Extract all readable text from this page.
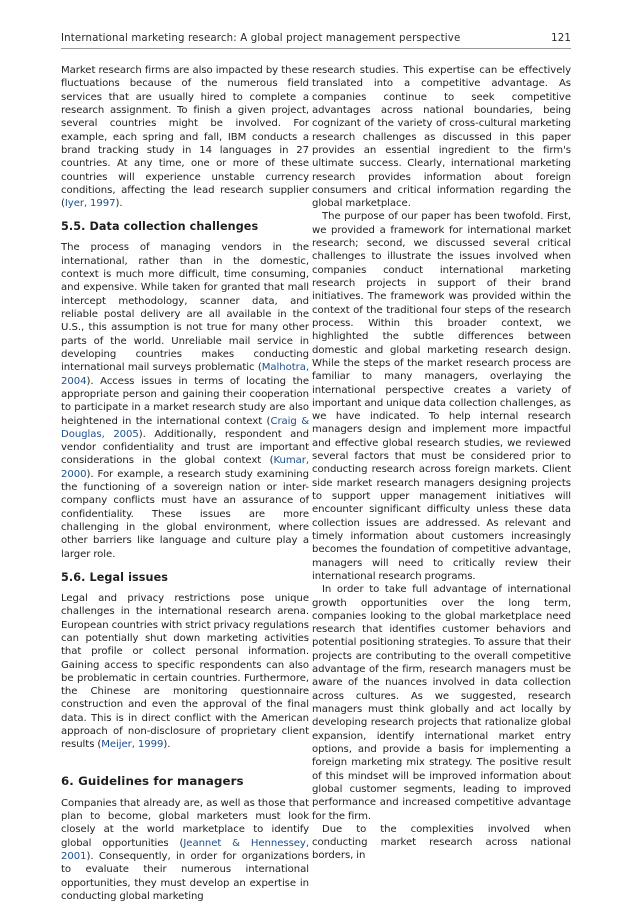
International marketing research: A global project management perspective	121

Market research firms are also impacted by these fluctuations because of the numerous field services that are usually hired to complete a research assignment. To finish a given project, several countries might be involved. For example, each spring and fall, IBM conducts a brand tracking study in 14 languages in 27 countries. At any time, one or more of these countries will experience unstable currency conditions, affecting the lead research supplier (Iyer, 1997).

5.5. Data collection challenges

The process of managing vendors in the international, rather than in the domestic, context is much more difficult, time consuming, and expensive. While taken for granted that mall intercept methodology, scanner data, and reliable postal delivery are all available in the U.S., this assumption is not true for many other parts of the world. Unreliable mail service in developing countries makes conducting international mail surveys problematic (Malhotra, 2004). Access issues in terms of locating the appropriate person and gaining their cooperation to participate in a market research study are also heightened in the international context (Craig & Douglas, 2005). Additionally, respondent and vendor confidentiality and trust are important considerations in the global context (Kumar, 2000). For example, a research study examining the functioning of a sovereign nation or inter-company conflicts must have an assurance of confidentiality. These issues are more challenging in the global environment, where other barriers like language and culture play a larger role.

5.6. Legal issues

Legal and privacy restrictions pose unique challenges in the international research arena. European countries with strict privacy regulations can potentially shut down marketing activities that profile or collect personal information. Gaining access to specific respondents can also be problematic in certain countries. Furthermore, the Chinese are monitoring questionnaire construction and even the approval of the final data. This is in direct conflict with the American approach of non-disclosure of proprietary client results (Meijer, 1999).

6. Guidelines for managers

Companies that already are, as well as those that plan to become, global marketers must look closely at the world marketplace to identify global opportunities (Jeannet & Hennessey, 2001). Consequently, in order for organizations to evaluate their numerous international opportunities, they must develop an expertise in conducting global marketing

research studies. This expertise can be effectively translated into a competitive advantage. As companies continue to seek competitive advantages across national boundaries, being cognizant of the variety of cross-cultural marketing research challenges as discussed in this paper provides an essential ingredient to the firm's ultimate success. Clearly, international marketing research provides information about foreign consumers and critical information regarding the global marketplace.

The purpose of our paper has been twofold. First, we provided a framework for international market research; second, we discussed several critical challenges to illustrate the issues involved when companies conduct international marketing research projects in support of their brand initiatives. The framework was provided within the context of the traditional four steps of the research process. Within this broader context, we highlighted the subtle differences between domestic and global marketing research design. While the steps of the market research process are familiar to many managers, overlaying the international perspective creates a variety of important and unique data collection challenges, as we have indicated. To help internal research managers design and implement more impactful and effective global research studies, we reviewed several factors that must be considered prior to conducting research across foreign markets. Client side market research managers designing projects to support upper management initiatives will encounter significant difficulty unless these data collection issues are addressed. As relevant and timely information about customers increasingly becomes the foundation of competitive advantage, managers will need to critically review their international research programs.

In order to take full advantage of international growth opportunities over the long term, companies looking to the global marketplace need research that identifies customer behaviors and potential positioning strategies. To assure that their projects are contributing to the overall competitive advantage of the firm, research managers must be aware of the nuances involved in data collection across cultures. As we suggested, research managers must think globally and act locally by developing research projects that rationalize global expansion, identify international market entry options, and provide a basis for implementing a foreign marketing mix strategy. The positive result of this mindset will be improved information about global customer segments, leading to improved performance and increased competitive advantage for the firm.

Due to the complexities involved when conducting market research across national borders, in
